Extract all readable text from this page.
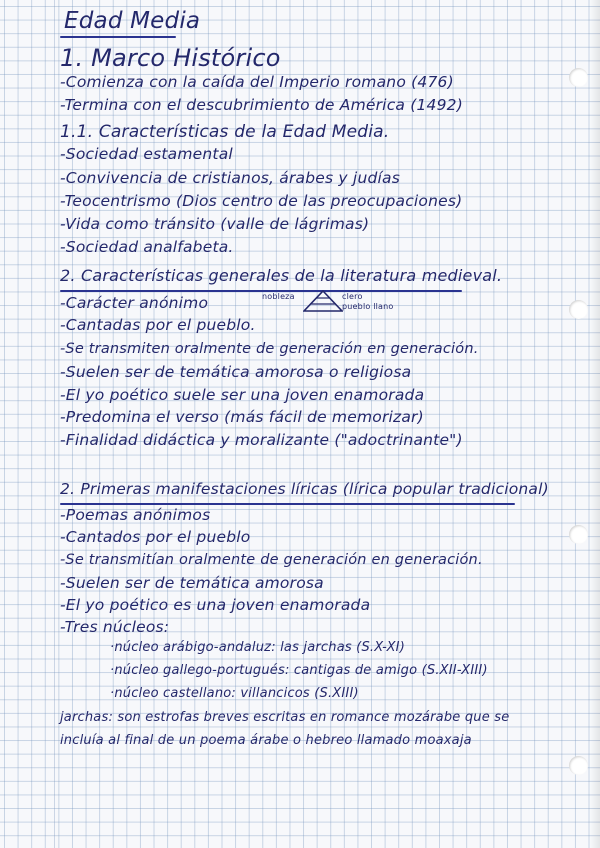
Edad Media
1. Marco Histórico
-Comienza con la caída del Imperio romano (476)
-Termina con el descubrimiento de América (1492)
1.1. Características de la Edad Media.
-Sociedad estamental
-Convivencia de cristianos, árabes y judías
-Teocentrismo (Dios centro de las preocupaciones)
-Vida como tránsito (valle de lágrimas)
-Sociedad analfabeta.
2. Características generales de la literatura medieval.
-Carácter anónimo
-Cantadas por el pueblo.
-Se transmiten oralmente de generación en generación.
-Suelen ser de temática amorosa o religiosa
-El yo poético suele ser una joven enamorada
-Predomina el verso (más fácil de memorizar)
-Finalidad didáctica y moralizante ("adoctrinante")
nobleza	clero
pueblo llano
2. Primeras manifestaciones líricas (lírica popular tradicional)
-Poemas anónimos
-Cantados por el pueblo
-Se transmitían oralmente de generación en generación.
-Suelen ser de temática amorosa
-El yo poético es una joven enamorada
-Tres núcleos:
·núcleo arábigo-andaluz: las jarchas (S.X-XI)
·núcleo gallego-portugués: cantigas de amigo (S.XII-XIII)
·núcleo castellano: villancicos (S.XIII)
jarchas: son estrofas breves escritas en romance mozárabe que se
incluía al final de un poema árabe o hebreo llamado moaxaja
